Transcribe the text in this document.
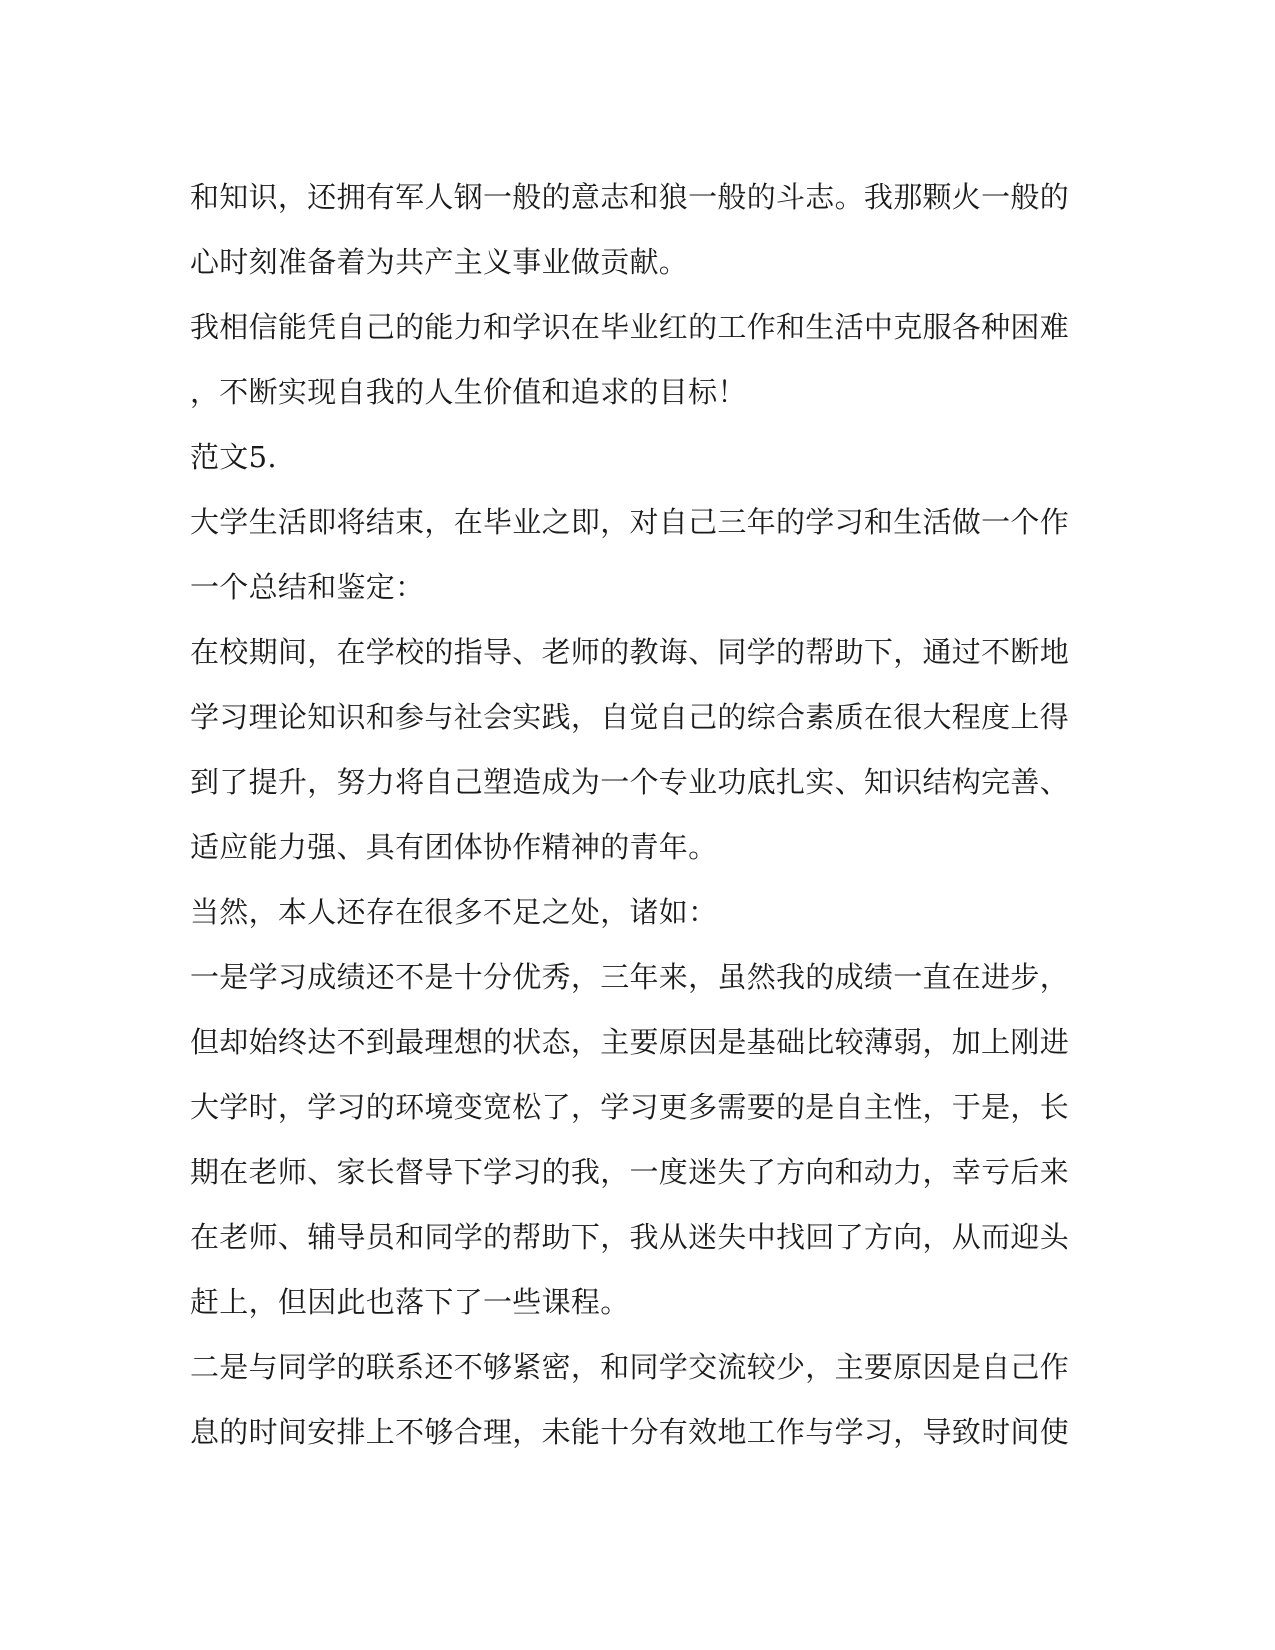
和知识，还拥有军人钢一般的意志和狼一般的斗志。我那颗火一般的
心时刻准备着为共产主义事业做贡献。
我相信能凭自己的能力和学识在毕业红的工作和生活中克服各种困难
，不断实现自我的人生价值和追求的目标！
范文5.
大学生活即将结束，在毕业之即，对自己三年的学习和生活做一个作
一个总结和鉴定：
在校期间，在学校的指导、老师的教诲、同学的帮助下，通过不断地
学习理论知识和参与社会实践，自觉自己的综合素质在很大程度上得
到了提升，努力将自己塑造成为一个专业功底扎实、知识结构完善、
适应能力强、具有团体协作精神的青年。
当然，本人还存在很多不足之处，诸如：
一是学习成绩还不是十分优秀，三年来，虽然我的成绩一直在进步，
但却始终达不到最理想的状态，主要原因是基础比较薄弱，加上刚进
大学时，学习的环境变宽松了，学习更多需要的是自主性，于是，长
期在老师、家长督导下学习的我，一度迷失了方向和动力，幸亏后来
在老师、辅导员和同学的帮助下，我从迷失中找回了方向，从而迎头
赶上，但因此也落下了一些课程。
二是与同学的联系还不够紧密，和同学交流较少，主要原因是自己作
息的时间安排上不够合理，未能十分有效地工作与学习，导致时间使
